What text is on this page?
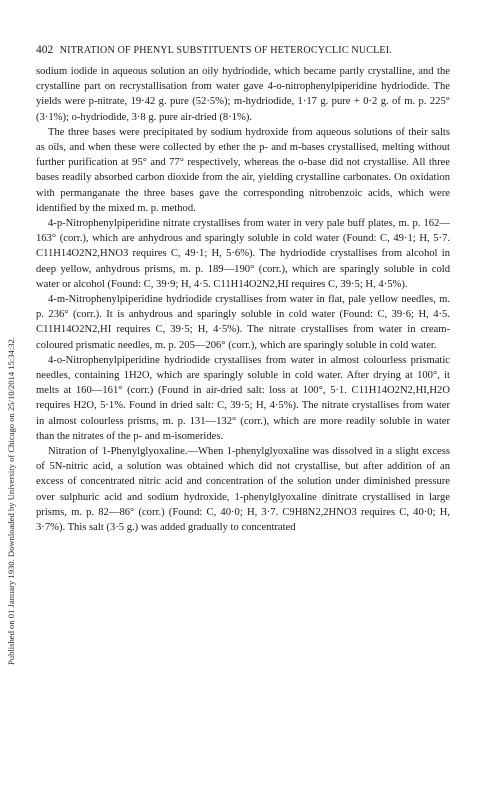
Published on 01 January 1930. Downloaded by University of Chicago on 25/10/2014 15:34:32.
402 NITRATION OF PHENYL SUBSTITUENTS OF HETEROCYCLIC NUCLEI.

sodium iodide in aqueous solution an oily hydriodide, which became partly crystalline, and the crystalline part on recrystallisation from water gave 4-o-nitrophenylpiperidine hydriodide. The yields were p-nitrate, 19·42 g. pure (52·5%); m-hydriodide, 1·17 g. pure + 0·2 g. of m. p. 225° (3·1%); o-hydriodide, 3·8 g. pure air-dried (8·1%).

The three bases were precipitated by sodium hydroxide from aqueous solutions of their salts as oils, and when these were collected by ether the p- and m-bases crystallised, melting without further purification at 95° and 77° respectively, whereas the o-base did not crystallise. All three bases readily absorbed carbon dioxide from the air, yielding crystalline carbonates. On oxidation with permanganate the three bases gave the corresponding nitrobenzoic acids, which were identified by the mixed m. p. method.

4-p-Nitrophenylpiperidine nitrate crystallises from water in very pale buff plates, m. p. 162—163° (corr.), which are anhydrous and sparingly soluble in cold water (Found: C, 49·1; H, 5·7. C11H14O2N2,HNO3 requires C, 49·1; H, 5·6%). The hydriodide crystallises from alcohol in deep yellow, anhydrous prisms, m. p. 189—190° (corr.), which are sparingly soluble in cold water or alcohol (Found: C, 39·9; H, 4·5. C11H14O2N2,HI requires C, 39·5; H, 4·5%).

4-m-Nitrophenylpiperidine hydriodide crystallises from water in flat, pale yellow needles, m. p. 236° (corr.). It is anhydrous and sparingly soluble in cold water (Found: C, 39·6; H, 4·5. C11H14O2N2,HI requires C, 39·5; H, 4·5%). The nitrate crystallises from water in cream-coloured prismatic needles, m. p. 205—206° (corr.), which are sparingly soluble in cold water.

4-o-Nitrophenylpiperidine hydriodide crystallises from water in almost colourless prismatic needles, containing 1H2O, which are sparingly soluble in cold water. After drying at 100°, it melts at 160—161° (corr.) (Found in air-dried salt: loss at 100°, 5·1. C11H14O2N2,HI,H2O requires H2O, 5·1%. Found in dried salt: C, 39·5; H, 4·5%). The nitrate crystallises from water in almost colourless prisms, m. p. 131—132° (corr.), which are more readily soluble in water than the nitrates of the p- and m-isomerides.

Nitration of 1-Phenylglyoxaline.—When 1-phenylglyoxaline was dissolved in a slight excess of 5N-nitric acid, a solution was obtained which did not crystallise, but after addition of an excess of concentrated nitric acid and concentration of the solution under diminished pressure over sulphuric acid and sodium hydroxide, 1-phenylglyoxaline dinitrate crystallised in large prisms, m. p. 82—86° (corr.) (Found: C, 40·0; H, 3·7. C9H8N2,2HNO3 requires C, 40·0; H, 3·7%). This salt (3·5 g.) was added gradually to concentrated
